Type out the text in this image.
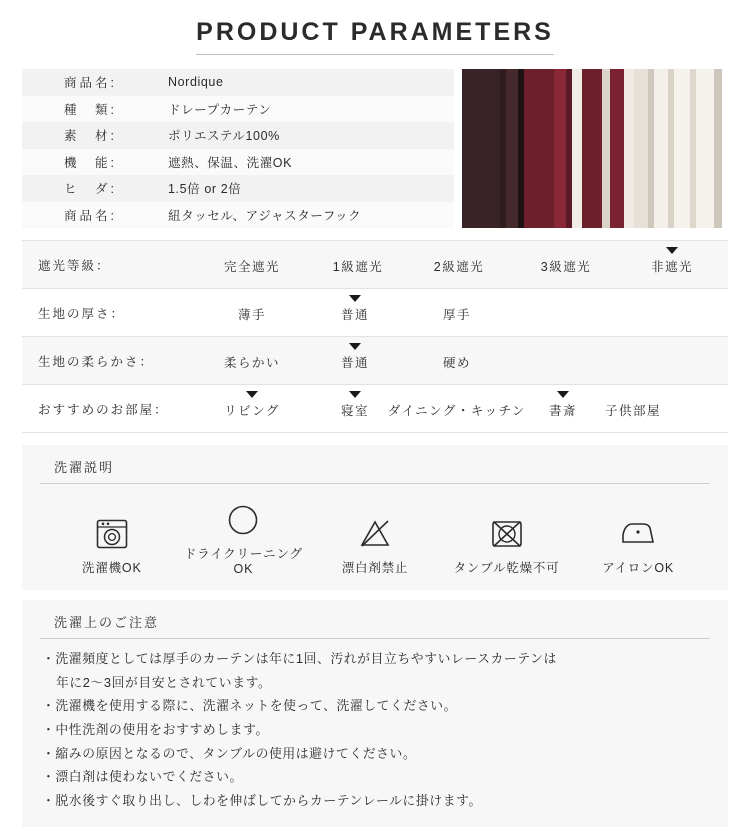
PRODUCT PARAMETERS
商品名:	Nordique
種　類:	ドレープカーテン
素　材:	ポリエステル100%
機　能:	遮熱、保温、洗濯OK
ヒ　ダ:	1.5倍 or 2倍
商品名:	紐タッセル、アジャスターフック
遮光等級：	完全遮光	1級遮光	2級遮光	3級遮光	非遮光
生地の厚さ：	薄手	普通	厚手
生地の柔らかさ：	柔らかい	普通	硬め
おすすめのお部屋：	リビング	寝室 ダイニング・キッチン 書斎 子供部屋
洗濯説明
洗濯機OK
ドライクリーニングOK	漂白剤禁止	タンブル乾燥不可	アイロンOK
洗濯上のご注意
・洗濯頻度としては厚手のカーテンは年に1回、汚れが目立ちやすいレースカーテンは
年に2〜3回が目安とされています。
・洗濯機を使用する際に、洗濯ネットを使って、洗濯してください。
・中性洗剤の使用をおすすめします。
・縮みの原因となるので、タンブルの使用は避けてください。
・漂白剤は使わないでください。
・脱水後すぐ取り出し、しわを伸ばしてからカーテンレールに掛けます。
